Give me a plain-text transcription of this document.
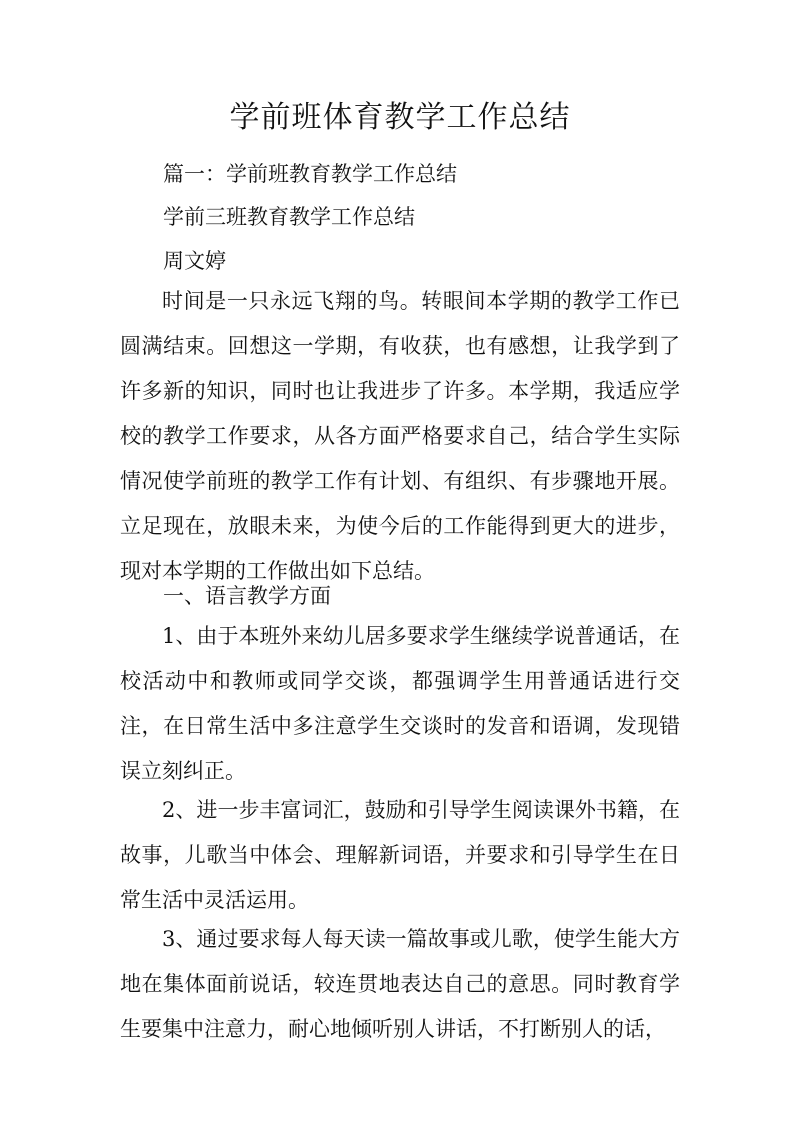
学前班体育教学工作总结

篇一：学前班教育教学工作总结

学前三班教育教学工作总结

周文婷

时间是一只永远飞翔的鸟。转眼间本学期的教学工作已圆满结束。回想这一学期，有收获，也有感想，让我学到了许多新的知识，同时也让我进步了许多。本学期，我适应学校的教学工作要求，从各方面严格要求自己，结合学生实际情况使学前班的教学工作有计划、有组织、有步骤地开展。立足现在，放眼未来，为使今后的工作能得到更大的进步，现对本学期的工作做出如下总结。

一、语言教学方面

1、由于本班外来幼儿居多要求学生继续学说普通话，在校活动中和教师或同学交谈，都强调学生用普通话进行交注，在日常生活中多注意学生交谈时的发音和语调，发现错误立刻纠正。

2、进一步丰富词汇，鼓励和引导学生阅读课外书籍，在故事，儿歌当中体会、理解新词语，并要求和引导学生在日常生活中灵活运用。

3、通过要求每人每天读一篇故事或儿歌，使学生能大方地在集体面前说话，较连贯地表达自己的意思。同时教育学生要集中注意力，耐心地倾听别人讲话，不打断别人的话，
